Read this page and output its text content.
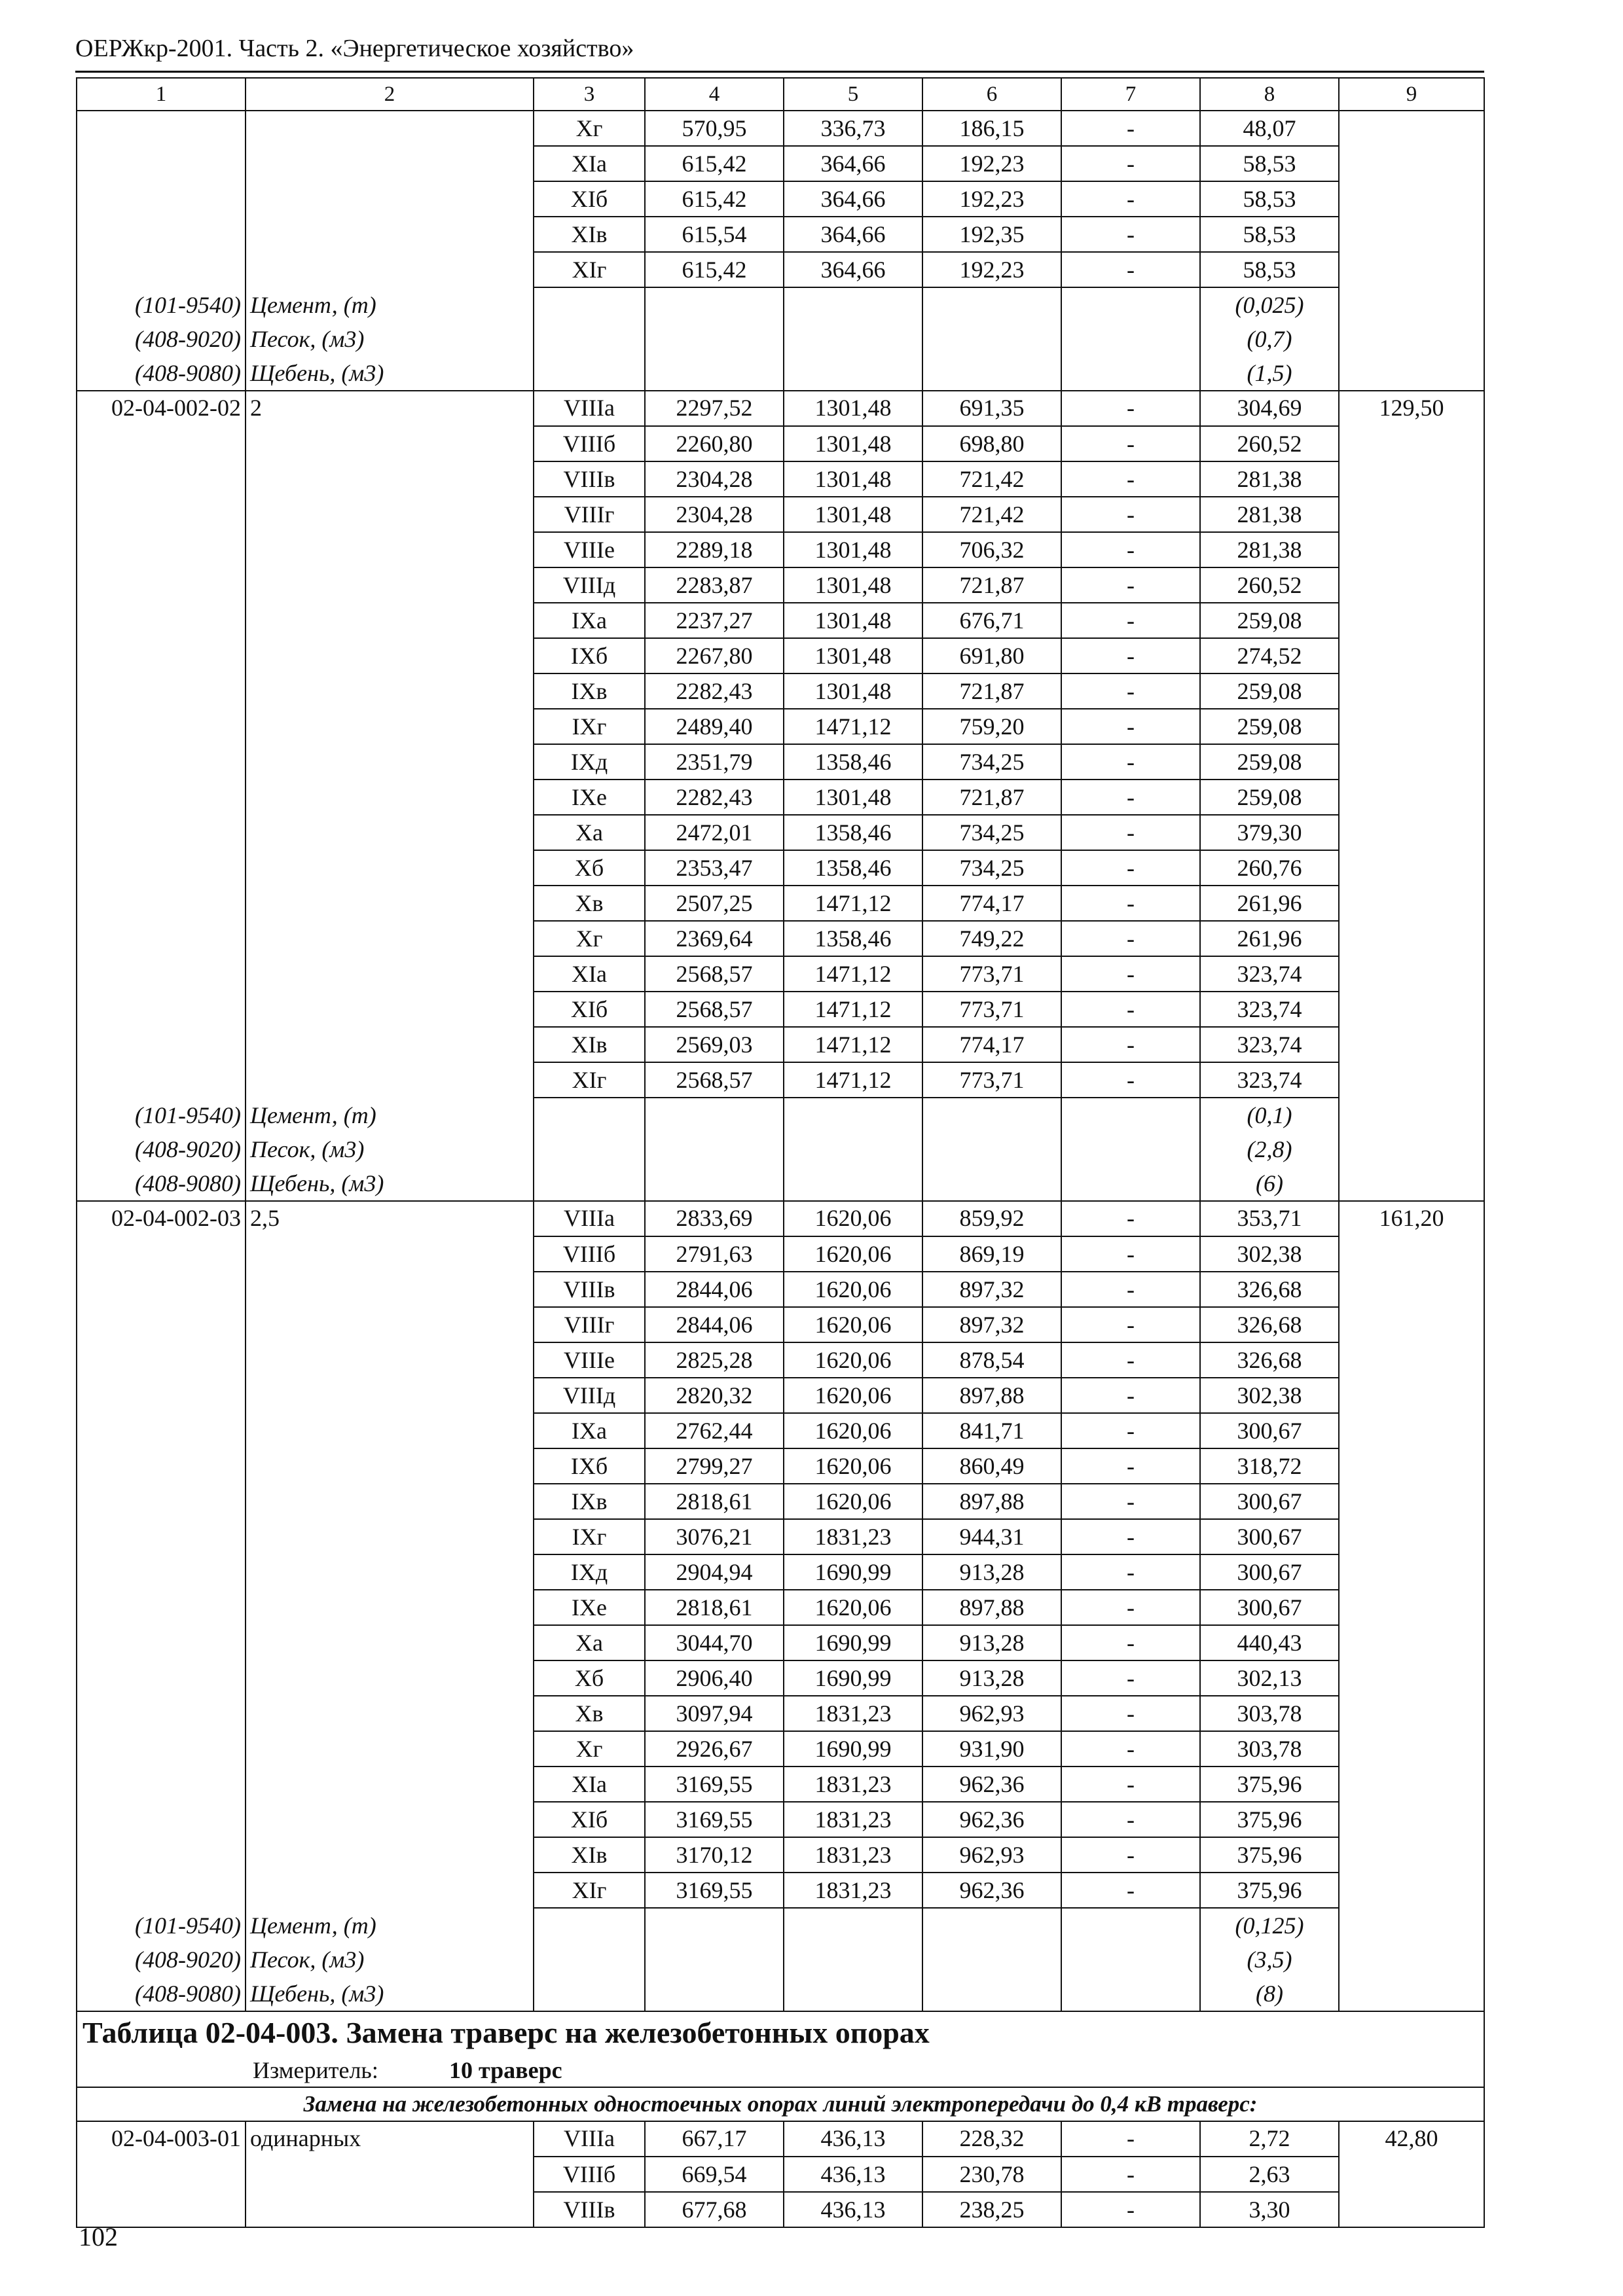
ОЕРЖкр-2001. Часть 2. «Энергетическое хозяйство»
1	2	3	4	5	6	7	8	9
		Xг	570,95	336,73	186,15	-	48,07	
		XIа	615,42	364,66	192,23	-	58,53	
		XIб	615,42	364,66	192,23	-	58,53	
		XIв	615,54	364,66	192,35	-	58,53	
		XIг	615,42	364,66	192,23	-	58,53	
(101-9540)	Цемент, (т)						(0,025)	
(408-9020)	Песок, (м3)						(0,7)	
(408-9080)	Щебень, (м3)						(1,5)	
02-04-002-02	2	VIIIа	2297,52	1301,48	691,35	-	304,69	129,50
		VIIIб	2260,80	1301,48	698,80	-	260,52	
		VIIIв	2304,28	1301,48	721,42	-	281,38	
		VIIIг	2304,28	1301,48	721,42	-	281,38	
		VIIIе	2289,18	1301,48	706,32	-	281,38	
		VIIIд	2283,87	1301,48	721,87	-	260,52	
		IXа	2237,27	1301,48	676,71	-	259,08	
		IXб	2267,80	1301,48	691,80	-	274,52	
		IXв	2282,43	1301,48	721,87	-	259,08	
		IXг	2489,40	1471,12	759,20	-	259,08	
		IXд	2351,79	1358,46	734,25	-	259,08	
		IXе	2282,43	1301,48	721,87	-	259,08	
		Xа	2472,01	1358,46	734,25	-	379,30	
		Xб	2353,47	1358,46	734,25	-	260,76	
		Xв	2507,25	1471,12	774,17	-	261,96	
		Xг	2369,64	1358,46	749,22	-	261,96	
		XIа	2568,57	1471,12	773,71	-	323,74	
		XIб	2568,57	1471,12	773,71	-	323,74	
		XIв	2569,03	1471,12	774,17	-	323,74	
		XIг	2568,57	1471,12	773,71	-	323,74	
(101-9540)	Цемент, (т)						(0,1)	
(408-9020)	Песок, (м3)						(2,8)	
(408-9080)	Щебень, (м3)						(6)	
02-04-002-03	2,5	VIIIа	2833,69	1620,06	859,92	-	353,71	161,20
		VIIIб	2791,63	1620,06	869,19	-	302,38	
		VIIIв	2844,06	1620,06	897,32	-	326,68	
		VIIIг	2844,06	1620,06	897,32	-	326,68	
		VIIIе	2825,28	1620,06	878,54	-	326,68	
		VIIIд	2820,32	1620,06	897,88	-	302,38	
		IXа	2762,44	1620,06	841,71	-	300,67	
		IXб	2799,27	1620,06	860,49	-	318,72	
		IXв	2818,61	1620,06	897,88	-	300,67	
		IXг	3076,21	1831,23	944,31	-	300,67	
		IXд	2904,94	1690,99	913,28	-	300,67	
		IXе	2818,61	1620,06	897,88	-	300,67	
		Xа	3044,70	1690,99	913,28	-	440,43	
		Xб	2906,40	1690,99	913,28	-	302,13	
		Xв	3097,94	1831,23	962,93	-	303,78	
		Xг	2926,67	1690,99	931,90	-	303,78	
		XIа	3169,55	1831,23	962,36	-	375,96	
		XIб	3169,55	1831,23	962,36	-	375,96	
		XIв	3170,12	1831,23	962,93	-	375,96	
		XIг	3169,55	1831,23	962,36	-	375,96	
(101-9540)	Цемент, (т)						(0,125)	
(408-9020)	Песок, (м3)						(3,5)	
(408-9080)	Щебень, (м3)						(8)	
Таблица 02-04-003. Замена траверс на железобетонных опорах								
Измеритель: 10 траверс								
Замена на железобетонных одностоечных опорах линий электропередачи до 0,4 кВ траверс:								
02-04-003-01	одинарных	VIIIа	667,17	436,13	228,32	-	2,72	42,80
		VIIIб	669,54	436,13	230,78	-	2,63	
		VIIIв	677,68	436,13	238,25	-	3,30	
102
